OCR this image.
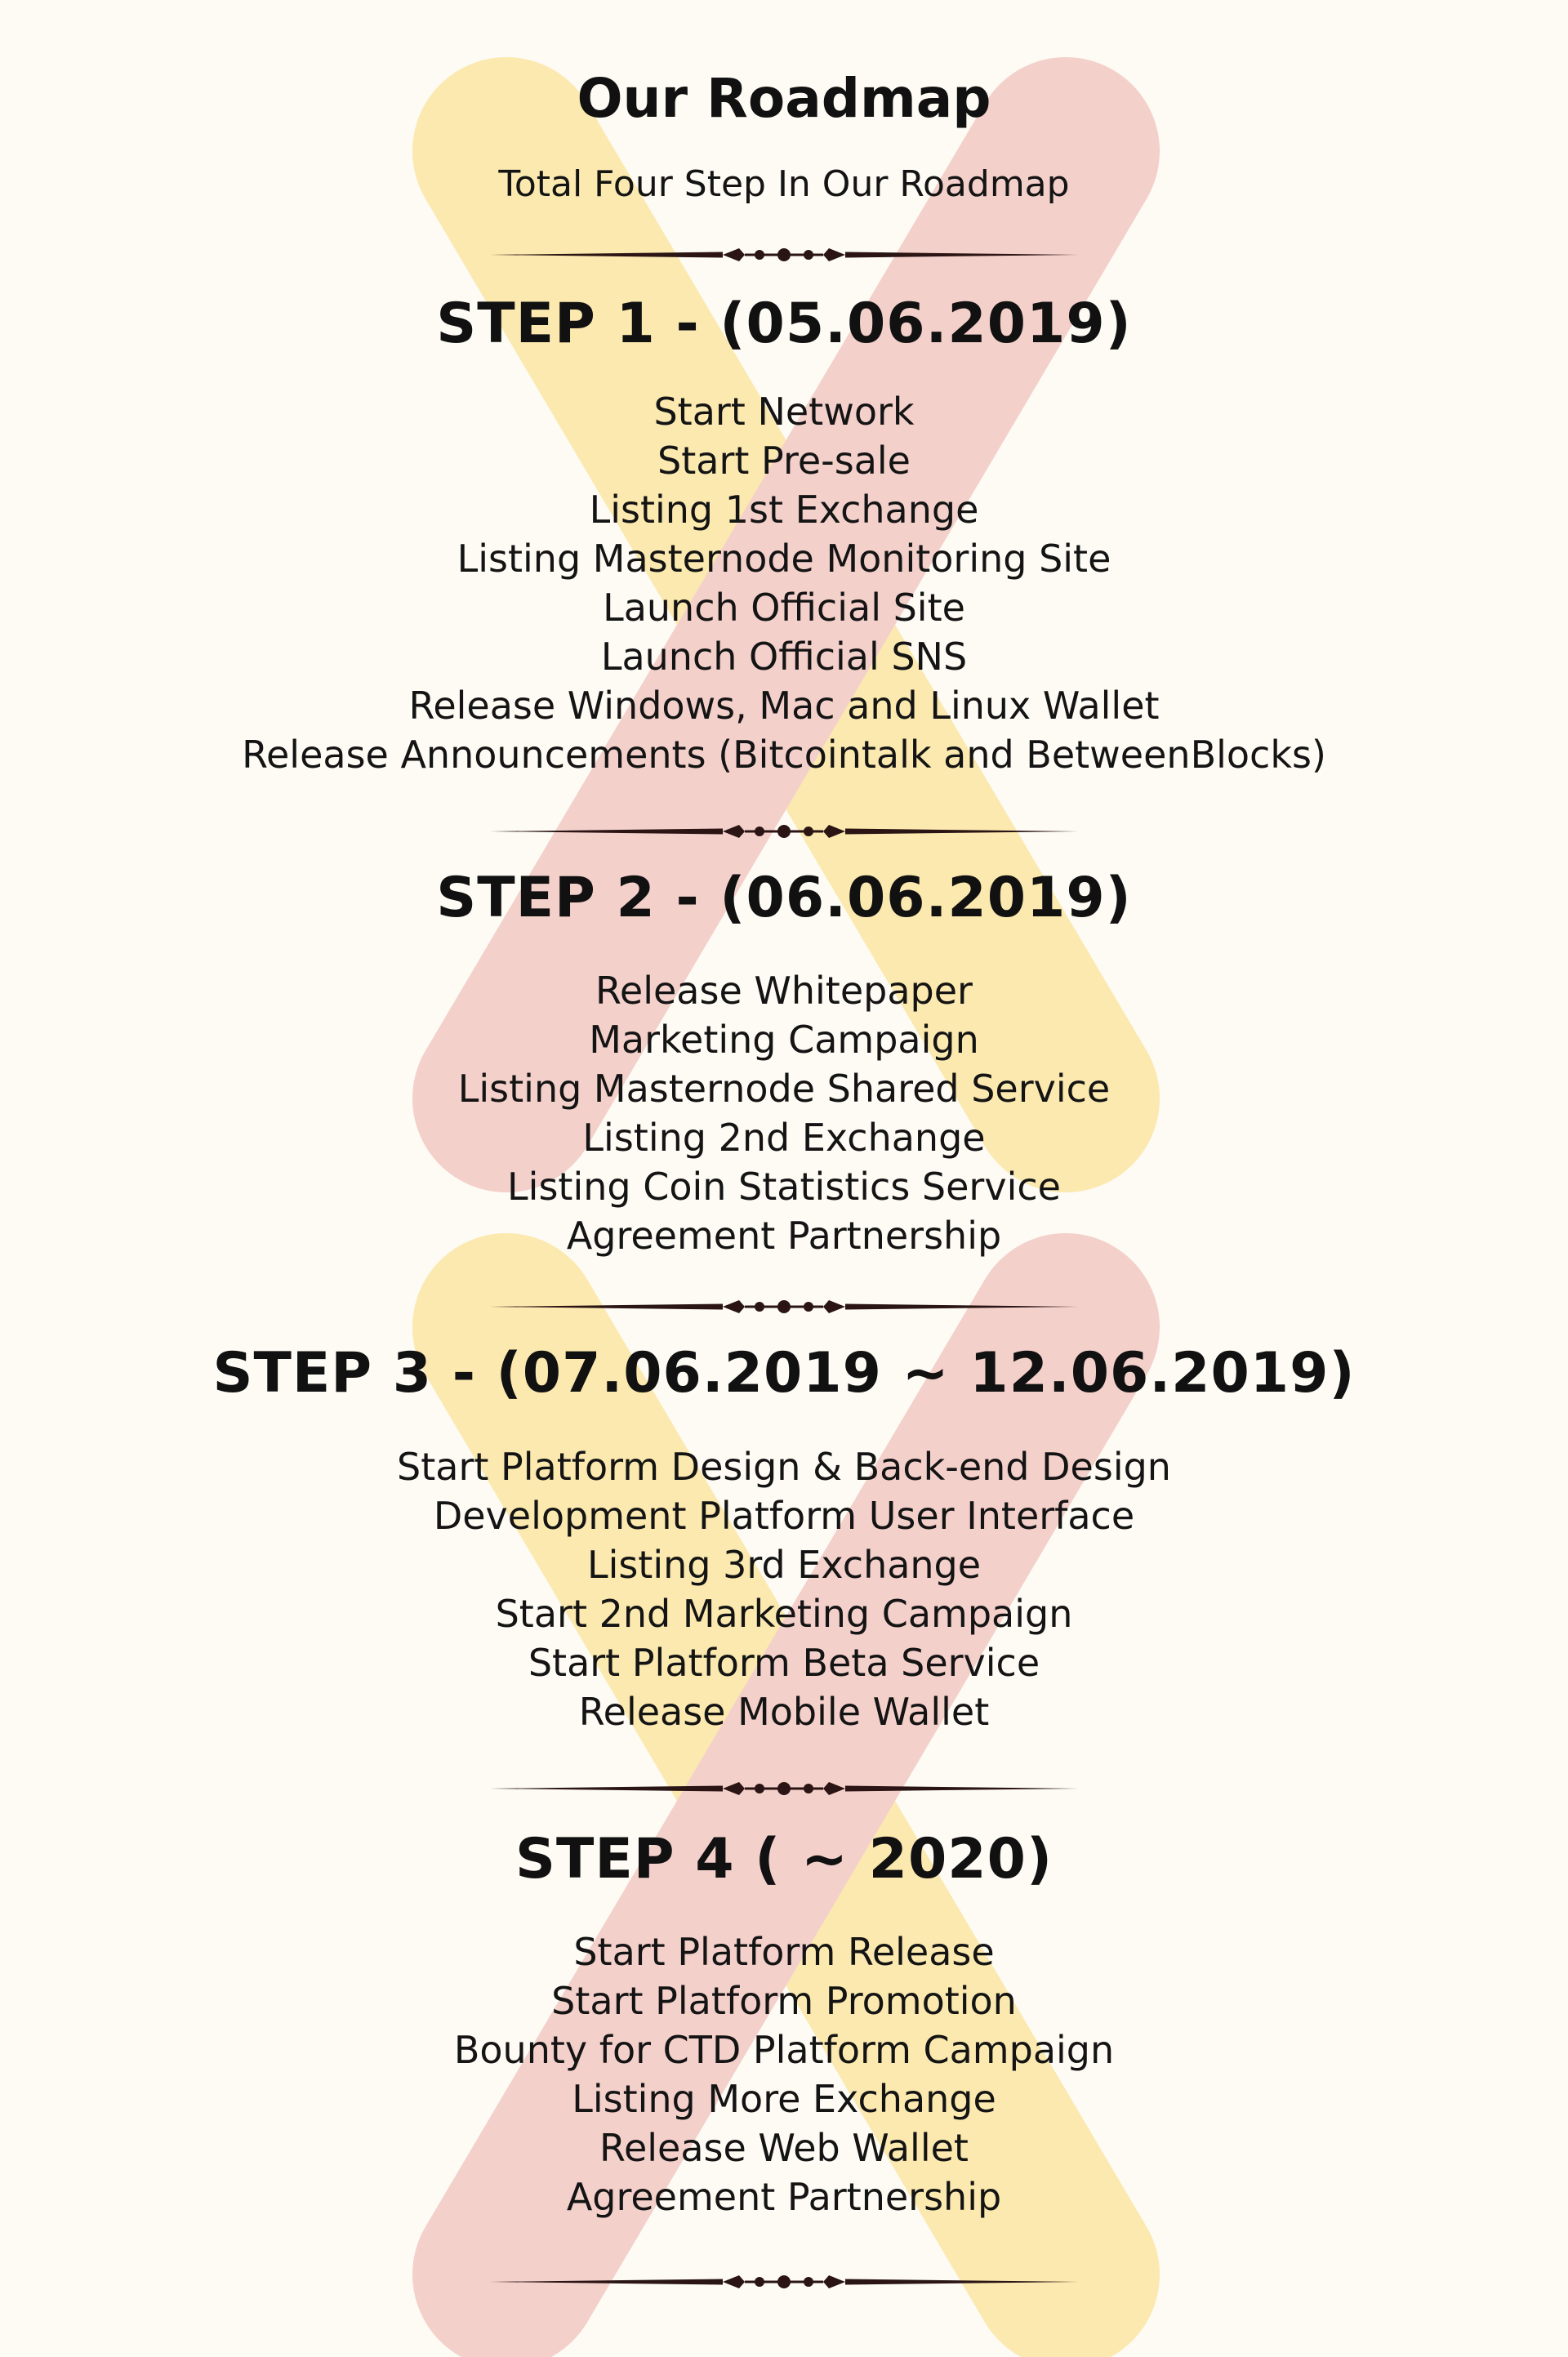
Our Roadmap

Total Four Step In Our Roadmap

STEP 1 - (05.06.2019)
Start Network
Start Pre-sale
Listing 1st Exchange
Listing Masternode Monitoring Site
Launch Official Site
Launch Official SNS
Release Windows, Mac and Linux Wallet
Release Announcements (Bitcointalk and BetweenBlocks)
STEP 2 - (06.06.2019)
Release Whitepaper
Marketing Campaign
Listing Masternode Shared Service
Listing 2nd Exchange
Listing Coin Statistics Service
Agreement Partnership
STEP 3 - (07.06.2019 ~ 12.06.2019)
Start Platform Design & Back-end Design
Development Platform User Interface
Listing 3rd Exchange
Start 2nd Marketing Campaign
Start Platform Beta Service
Release Mobile Wallet
STEP 4 ( ~ 2020)
Start Platform Release
Start Platform Promotion
Bounty for CTD Platform Campaign
Listing More Exchange
Release Web Wallet
Agreement Partnership
